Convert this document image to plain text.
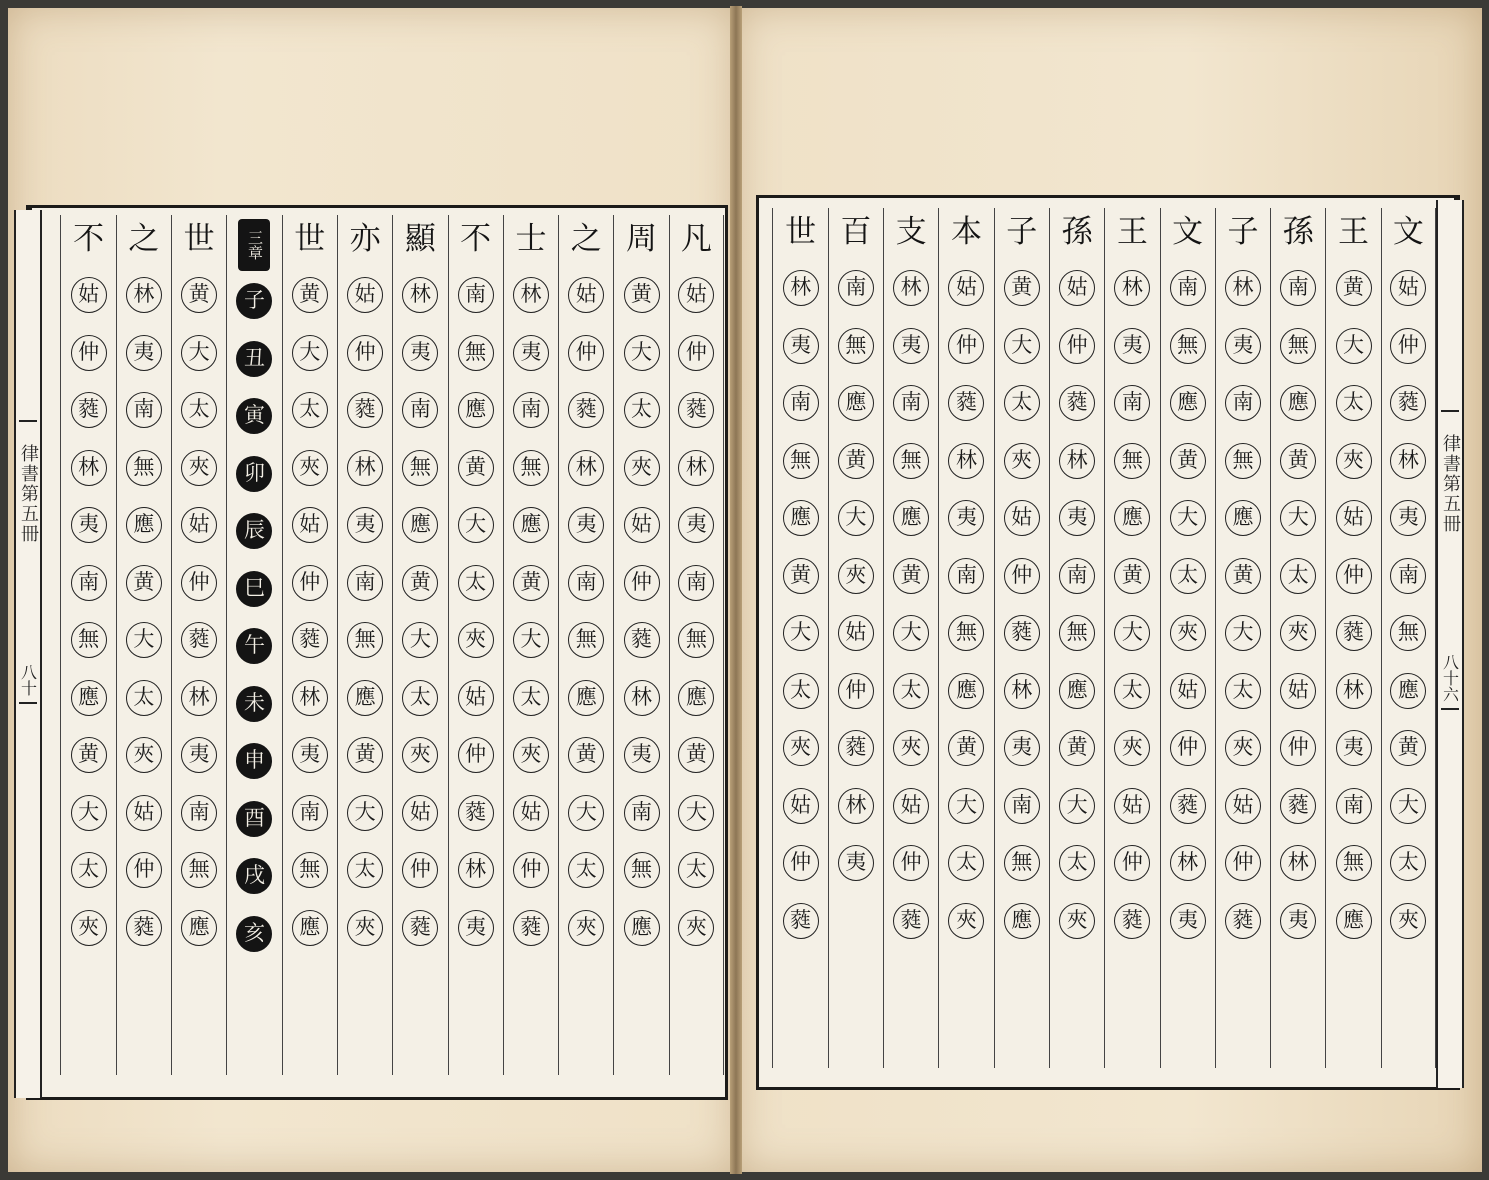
律書第五冊
八十
律書第五冊
八十六
凡
姑
仲
蕤
林
夷
南
無
應
黄
大
太
夾
周
黄
大
太
夾
姑
仲
蕤
林
夷
南
無
應
之
姑
仲
蕤
林
夷
南
無
應
黄
大
太
夾
士
林
夷
南
無
應
黄
大
太
夾
姑
仲
蕤
不
南
無
應
黄
大
太
夾
姑
仲
蕤
林
夷
顯
林
夷
南
無
應
黄
大
太
夾
姑
仲
蕤
亦
姑
仲
蕤
林
夷
南
無
應
黄
大
太
夾
世
黄
大
太
夾
姑
仲
蕤
林
夷
南
無
應
三章
子
丑
寅
卯
辰
巳
午
未
申
酉
戌
亥
世
黄
大
太
夾
姑
仲
蕤
林
夷
南
無
應
之
林
夷
南
無
應
黄
大
太
夾
姑
仲
蕤
不
姑
仲
蕤
林
夷
南
無
應
黄
大
太
夾
文
姑
仲
蕤
林
夷
南
無
應
黄
大
太
夾
王
黄
大
太
夾
姑
仲
蕤
林
夷
南
無
應
孫
南
無
應
黄
大
太
夾
姑
仲
蕤
林
夷
子
林
夷
南
無
應
黄
大
太
夾
姑
仲
蕤
文
南
無
應
黄
大
太
夾
姑
仲
蕤
林
夷
王
林
夷
南
無
應
黄
大
太
夾
姑
仲
蕤
孫
姑
仲
蕤
林
夷
南
無
應
黄
大
太
夾
子
黄
大
太
夾
姑
仲
蕤
林
夷
南
無
應
本
姑
仲
蕤
林
夷
南
無
應
黄
大
太
夾
支
林
夷
南
無
應
黄
大
太
夾
姑
仲
蕤
百
南
無
應
黄
大
夾
姑
仲
蕤
林
夷
世
林
夷
南
無
應
黄
大
太
夾
姑
仲
蕤
